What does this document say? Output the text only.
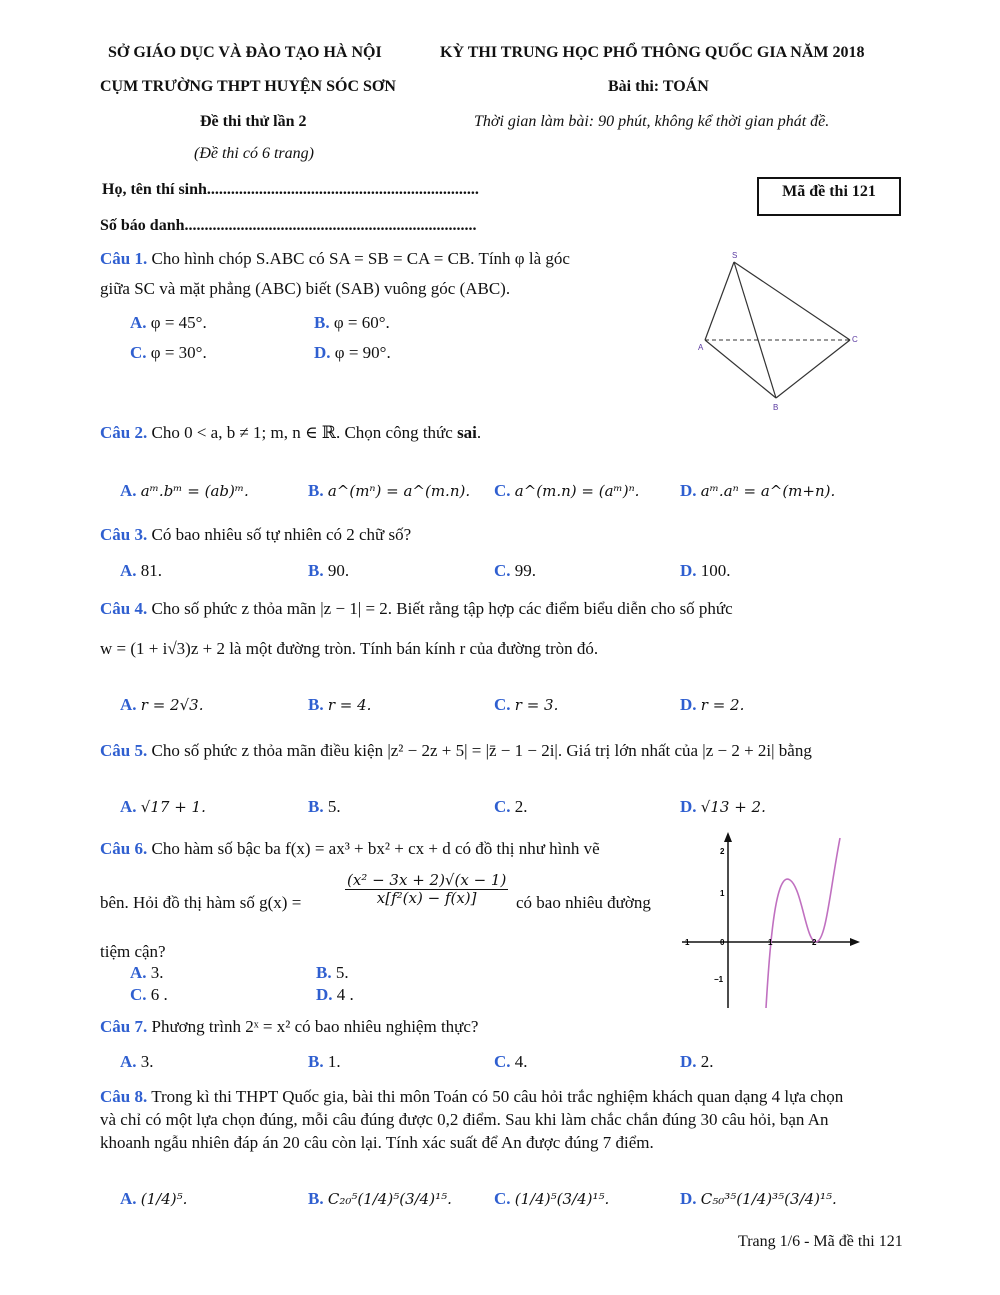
SỞ GIÁO DỤC VÀ ĐÀO TẠO HÀ NỘI
CỤM TRƯỜNG THPT HUYỆN SÓC SƠN
Đề thi thử lần 2
(Đề thi có 6 trang)
KỲ THI TRUNG HỌC PHỔ THÔNG QUỐC GIA NĂM 2018
Bài thi: TOÁN
Thời gian làm bài: 90 phút, không kể thời gian phát đề.
Họ, tên thí sinh....................................................................
Số báo danh.........................................................................
Mã đề thi 121
Câu 1. Cho hình chóp S.ABC có SA = SB = CA = CB. Tính φ là góc
giữa SC và mặt phẳng (ABC) biết (SAB) vuông góc (ABC).
A. φ = 45°.	B. φ = 60°.
C. φ = 30°.	D. φ = 90°.
S
A
B
C
Câu 2. Cho 0 < a, b ≠ 1; m, n ∈ ℝ. Chọn công thức sai.
A. aᵐ.bᵐ = (ab)ᵐ.	B. a^(mⁿ) = a^(m.n). C. a^(m.n) = (aᵐ)ⁿ. D. aᵐ.aⁿ = a^(m+n).
Câu 3. Có bao nhiêu số tự nhiên có 2 chữ số?
A. 81.	B. 90.	C. 99.	D. 100.
Câu 4. Cho số phức z thỏa mãn |z − 1| = 2. Biết rằng tập hợp các điểm biểu diễn cho số phức
w = (1 + i√3)z + 2 là một đường tròn. Tính bán kính r của đường tròn đó.
A. r = 2√3.	B. r = 4.	C. r = 3.	D. r = 2.
Câu 5. Cho số phức z thỏa mãn điều kiện |z² − 2z + 5| = |z̄ − 1 − 2i|. Giá trị lớn nhất của |z − 2 + 2i| bằng
A. √17 + 1.	B. 5.	C. 2.	D. √13 + 2.
Câu 6. Cho hàm số bậc ba f(x) = ax³ + bx² + cx + d có đồ thị như hình vẽ
bên. Hỏi đồ thị hàm số g(x) =	$\frac{\text{(x² − 3x + 2)√(x − 1)}}{\text{x[f²(x) − f(x)]}}$ có bao nhiêu đường
tiệm cận?
A. 3.	B. 5.
C. 6 .	D. 4 .
2
1
1	0	1	2
−1
Câu 7. Phương trình 2ˣ = x² có bao nhiêu nghiệm thực?
A. 3.	B. 1.	C. 4.	D. 2.
Câu 8. Trong kì thi THPT Quốc gia, bài thi môn Toán có 50 câu hỏi trắc nghiệm khách quan dạng 4 lựa chọn
và chỉ có một lựa chọn đúng, mỗi câu đúng được 0,2 điểm. Sau khi làm chắc chắn đúng 30 câu hỏi, bạn An
khoanh ngẫu nhiên đáp án 20 câu còn lại. Tính xác suất để An được đúng 7 điểm.
A. (1/4)⁵.	B. C₂₀⁵(1/4)⁵(3/4)¹⁵. C. (1/4)⁵(3/4)¹⁵.	D. C₅₀³⁵(1/4)³⁵(3/4)¹⁵.
Trang 1/6 - Mã đề thi 121
